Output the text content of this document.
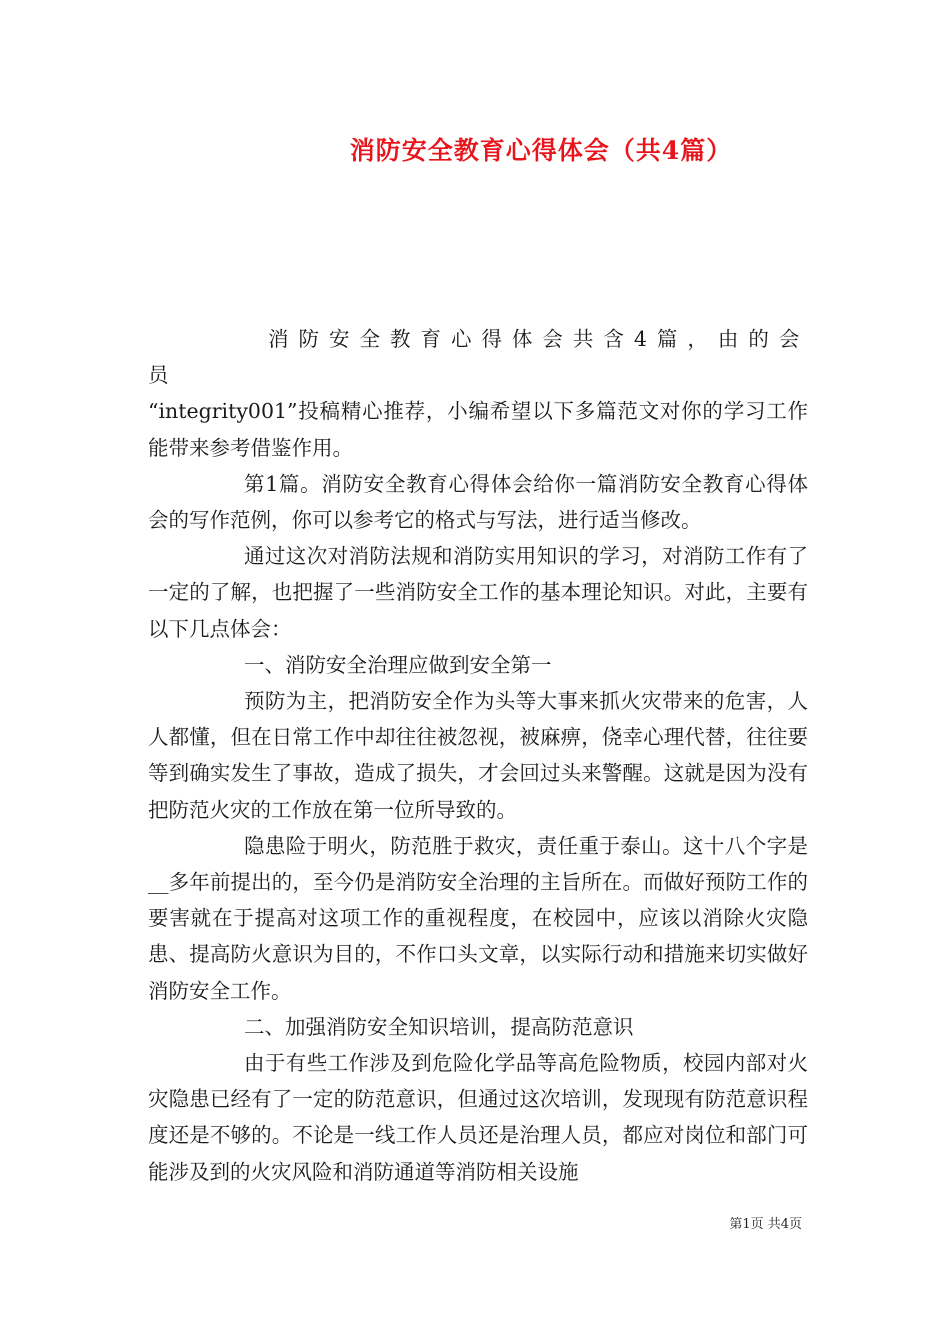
消防安全教育心得体会（共4篇）

消防安全教育心得体会共含4篇，由的会员

“integrity001”投稿精心推荐，小编希望以下多篇范文对你的学习工作能带来参考借鉴作用。

第1篇。消防安全教育心得体会给你一篇消防安全教育心得体会的写作范例，你可以参考它的格式与写法，进行适当修改。

通过这次对消防法规和消防实用知识的学习，对消防工作有了一定的了解，也把握了一些消防安全工作的基本理论知识。对此，主要有以下几点体会：

一、消防安全治理应做到安全第一

预防为主，把消防安全作为头等大事来抓火灾带来的危害，人人都懂，但在日常工作中却往往被忽视，被麻痹，侥幸心理代替，往往要等到确实发生了事故，造成了损失，才会回过头来警醒。这就是因为没有把防范火灾的工作放在第一位所导致的。

隐患险于明火，防范胜于救灾，责任重于泰山。这十八个字是__多年前提出的，至今仍是消防安全治理的主旨所在。而做好预防工作的要害就在于提高对这项工作的重视程度，在校园中，应该以消除火灾隐患、提高防火意识为目的，不作口头文章，以实际行动和措施来切实做好消防安全工作。

二、加强消防安全知识培训，提高防范意识

由于有些工作涉及到危险化学品等高危险物质，校园内部对火灾隐患已经有了一定的防范意识，但通过这次培训，发现现有防范意识程度还是不够的。不论是一线工作人员还是治理人员，都应对岗位和部门可能涉及到的火灾风险和消防通道等消防相关设施

第1页 共4页
